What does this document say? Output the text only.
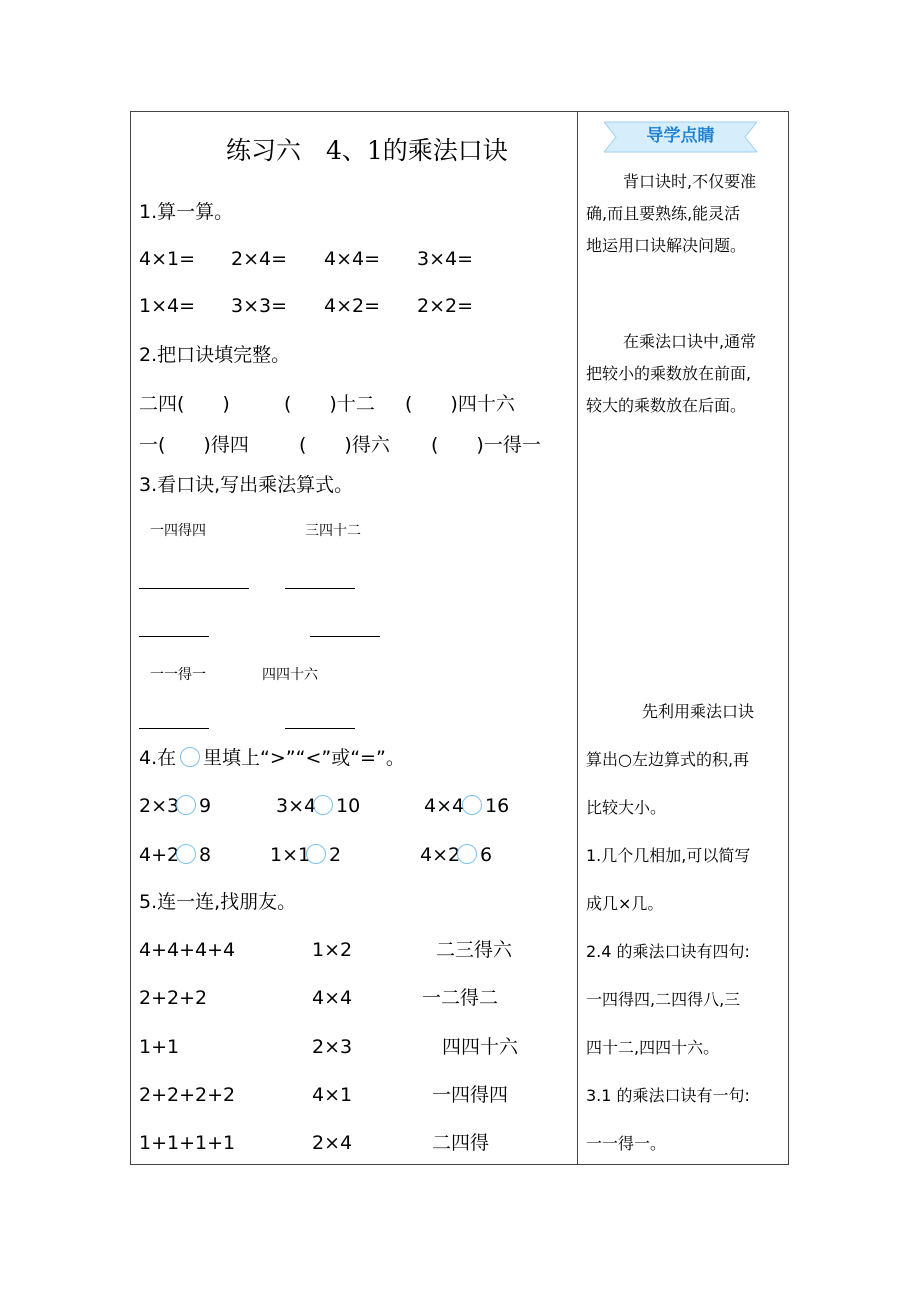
练习六　4、1的乘法口诀
1.算一算。
4×1= 2×4= 4×4= 3×4=
1×4= 3×3= 4×2= 2×2=
2.把口诀填完整。
二四(　　)	(　　)十二 (　　)四十六
一(　　)得四	(　　)得六 (　　)一得一
3.看口诀,写出乘法算式。
一四得四	三四十二
一一得一	四四十六
4.在 里填上“>”“<”或“=”。
2×3 9	3×4 10	4×4 16
4+2 8	1×1 2	4×2 6
5.连一连,找朋友。
4+4+4+4	1×2	二三得六
2+2+2	4×4	一二得二
1+1	2×3	四四十六
2+2+2+2	4×1	一四得四
1+1+1+1	2×4	二四得
导学点睛
背口诀时,不仅要准
确,而且要熟练,能灵活
地运用口诀解决问题。
在乘法口诀中,通常
把较小的乘数放在前面,
较大的乘数放在后面。
先利用乘法口诀
算出○左边算式的积,再
比较大小。
1.几个几相加,可以简写
成几×几。
2.4 的乘法口诀有四句:
一四得四,二四得八,三
四十二,四四十六。
3.1 的乘法口诀有一句:
一一得一。
